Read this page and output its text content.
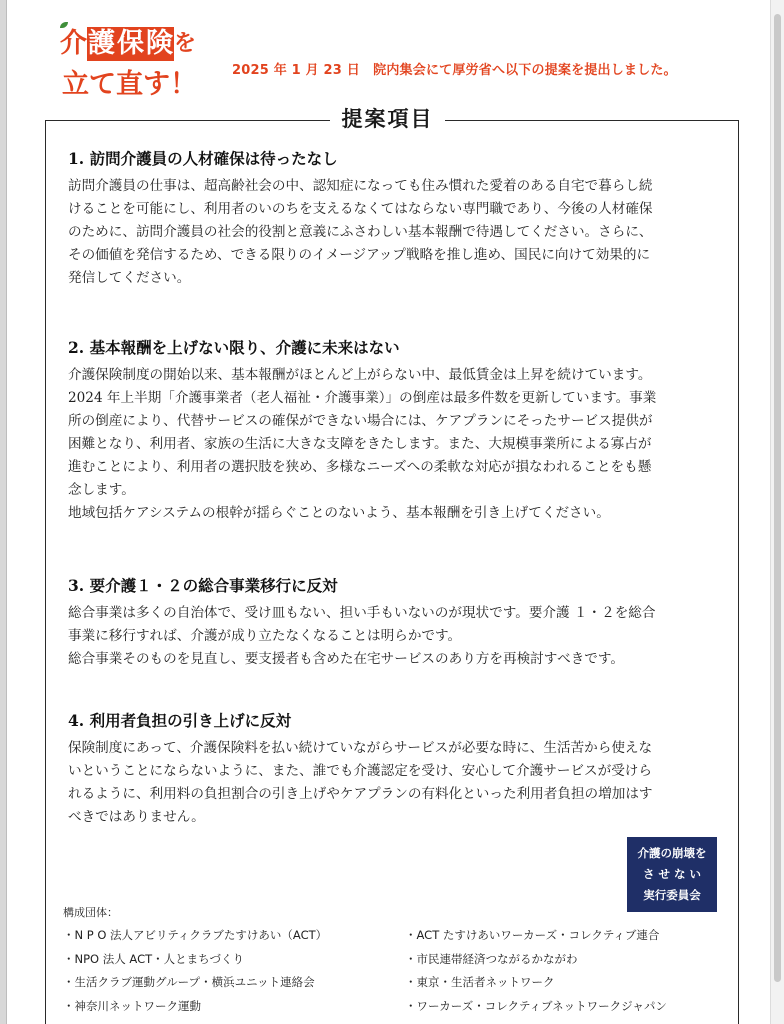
介 護 保 険 を
立 て 直 す ！	2025 年 1 月 23 日　院内集会にて厚労省へ以下の提案を提出しました。
提案項目
1. 訪問介護員の人材確保は待ったなし
訪問介護員の仕事は、超高齢社会の中、認知症になっても住み慣れた愛着のある自宅で暮らし続
けることを可能にし、利用者のいのちを支えるなくてはならない専門職であり、今後の人材確保
のために、訪問介護員の社会的役割と意義にふさわしい基本報酬で待遇してください。さらに、
その価値を発信するため、できる限りのイメージアップ戦略を推し進め、国民に向けて効果的に
発信してください。
2. 基本報酬を上げない限り、介護に未来はない
介護保険制度の開始以来、基本報酬がほとんど上がらない中、最低賃金は上昇を続けています。
2024 年上半期「介護事業者（老人福祉・介護事業）」の倒産は最多件数を更新しています。事業
所の倒産により、代替サービスの確保ができない場合には、ケアプランにそったサービス提供が
困難となり、利用者、家族の生活に大きな支障をきたします。また、大規模事業所による寡占が
進むことにより、利用者の選択肢を狭め、多様なニーズへの柔軟な対応が損なわれることをも懸
念します。
地域包括ケアシステムの根幹が揺らぐことのないよう、基本報酬を引き上げてください。
3. 要介護１・２の総合事業移行に反対
総合事業は多くの自治体で、受け皿もない、担い手もいないのが現状です。要介護 １・２を総合
事業に移行すれば、介護が成り立たなくなることは明らかです。
総合事業そのものを見直し、要支援者も含めた在宅サービスのあり方を再検討すべきです。
4. 利用者負担の引き上げに反対
保険制度にあって、介護保険料を払い続けていながらサービスが必要な時に、生活苦から使えな
いということにならないように、また、誰でも介護認定を受け、安心して介護サービスが受けら
れるように、利用料の負担割合の引き上げやケアプランの有料化といった利用者負担の増加はす
べきではありません。
介護の崩壊を
さ せ な い
実行委員会
構成団体：
・N P O 法人アビリティクラブたすけあい（ACT）
・NPO 法人 ACT・人とまちづくり
・生活クラブ運動グループ・横浜ユニット連絡会
・神奈川ネットワーク運動
・ACT たすけあいワーカーズ・コレクティブ連合
・市民連帯経済つながるかながわ
・東京・生活者ネットワーク
・ワーカーズ・コレクティブネットワークジャパン
